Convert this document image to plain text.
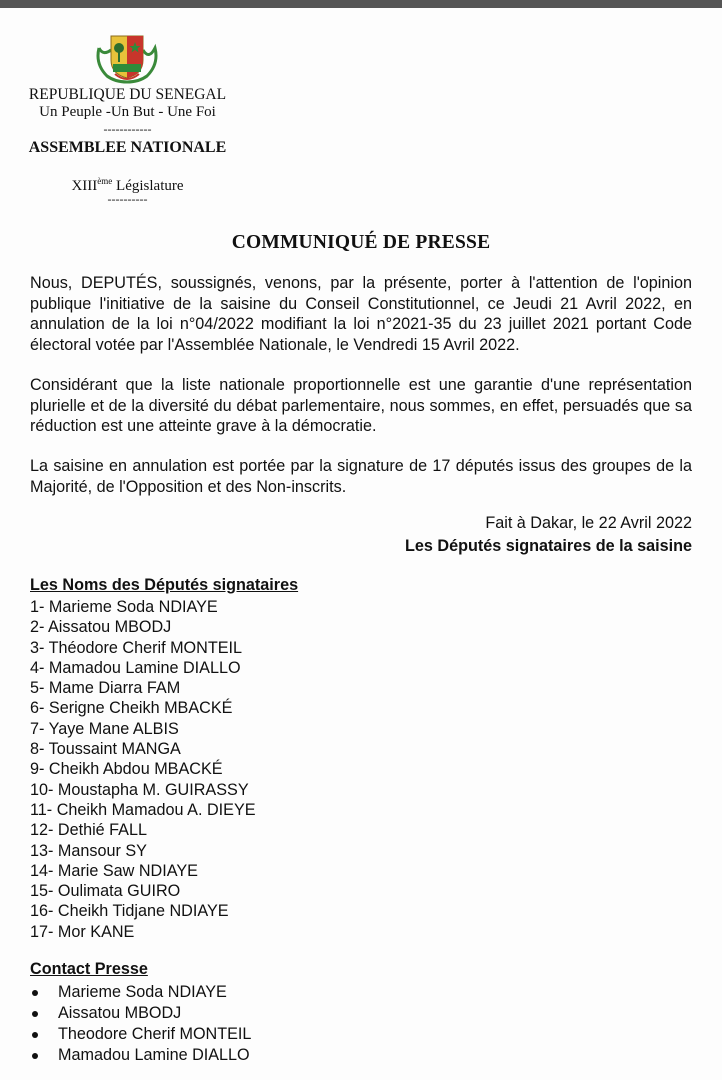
REPUBLIQUE DU SENEGAL
Un Peuple -Un But - Une Foi
------------
ASSEMBLEE NATIONALE
XIIIème Législature
----------
COMMUNIQUÉ DE PRESSE
Nous, DEPUTÉS, soussignés, venons, par la présente, porter à l'attention de l'opinion publique l'initiative de la saisine du Conseil Constitutionnel, ce Jeudi 21 Avril 2022, en annulation de la loi n°04/2022 modifiant la loi n°2021-35 du 23 juillet 2021 portant Code électoral votée par l'Assemblée Nationale, le Vendredi 15 Avril 2022.
Considérant que la liste nationale proportionnelle est une garantie d'une représentation plurielle et de la diversité du débat parlementaire, nous sommes, en effet, persuadés que sa réduction est une atteinte grave à la démocratie.
La saisine en annulation est portée par la signature de 17 députés issus des groupes de la Majorité, de l'Opposition et des Non-inscrits.
Fait à Dakar, le 22 Avril 2022
Les Députés signataires de la saisine
Les Noms des Députés signataires
1- Marieme Soda NDIAYE
2- Aissatou MBODJ
3- Théodore Cherif MONTEIL
4- Mamadou Lamine DIALLO
5- Mame Diarra FAM
6- Serigne Cheikh MBACKÉ
7- Yaye Mane ALBIS
8- Toussaint MANGA
9- Cheikh Abdou MBACKÉ
10- Moustapha M. GUIRASSY
11- Cheikh Mamadou A. DIEYE
12- Dethié FALL
13- Mansour SY
14- Marie Saw NDIAYE
15- Oulimata GUIRO
16- Cheikh Tidjane NDIAYE
17- Mor KANE
Contact Presse
Marieme Soda NDIAYE
Aissatou MBODJ
Theodore Cherif MONTEIL
Mamadou Lamine DIALLO
